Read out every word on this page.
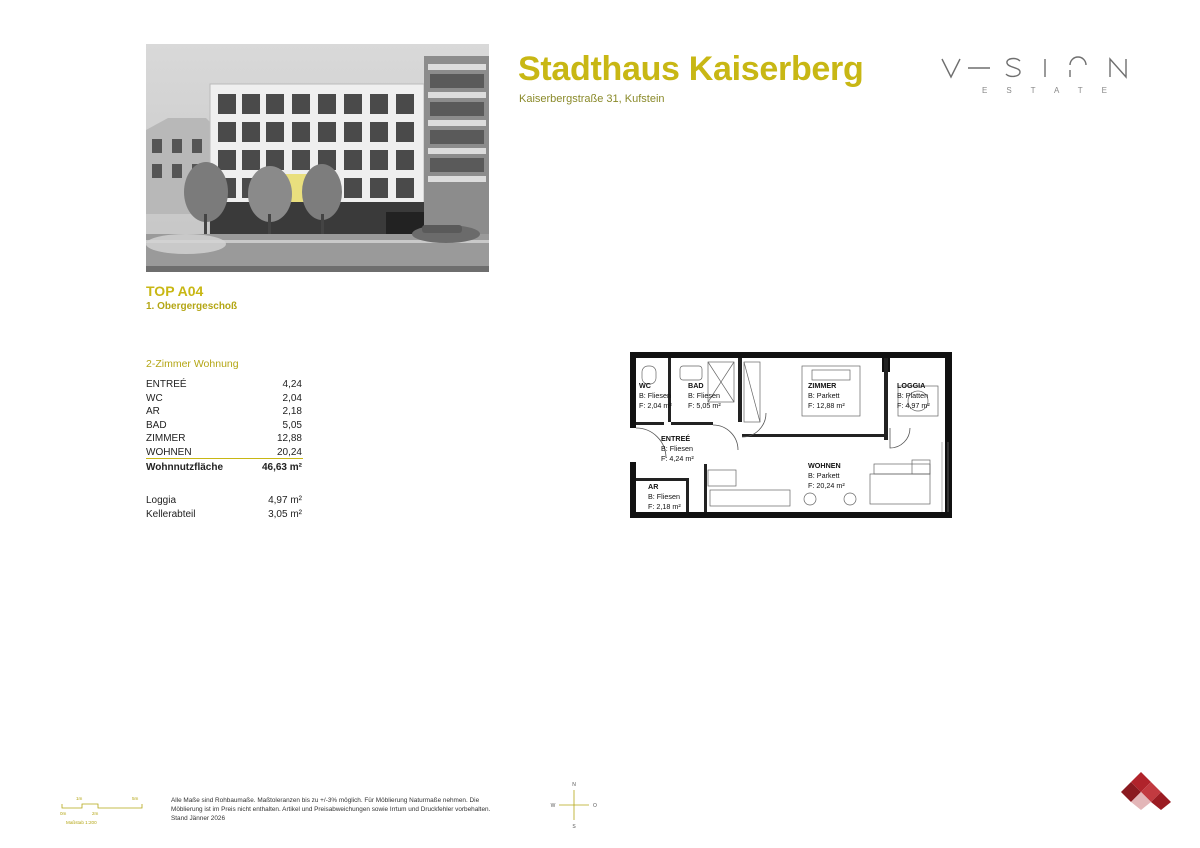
Stadthaus Kaiserberg
Kaiserbergstraße 31, Kufstein
ESTATE
TOP A04
1. Obergergeschoß
2-Zimmer Wohnung
ENTREÉ	4,24
WC	2,04
AR	2,18
BAD	5,05
ZIMMER	12,88
WOHNEN	20,24
Wohnnutzfläche	46,63 m²
Loggia	4,97 m²
Kellerabteil	3,05 m²
WC
B: Fliesen
F: 2,04 m²
BAD
B: Fliesen
F: 5,05 m²
ZIMMER
B: Parkett
F: 12,88 m²
LOGGIA
B: Platten
F: 4,97 m²
ENTREÉ
B: Fliesen
F: 4,24 m²
WOHNEN
B: Parkett
F: 20,24 m²
AR
B: Fliesen
F: 2,18 m²
1m
0m	2m
5m
Maßstab 1:200
Alle Maße sind Rohbaumaße. Maßtoleranzen bis zu +/-3% möglich. Für Möblierung Naturmaße nehmen. Die
Möblierung ist im Preis nicht enthalten. Artikel und Preisabweichungen sowie Irrtum und Druckfehler vorbehalten.
Stand Jänner 2026
N
S
W	O
